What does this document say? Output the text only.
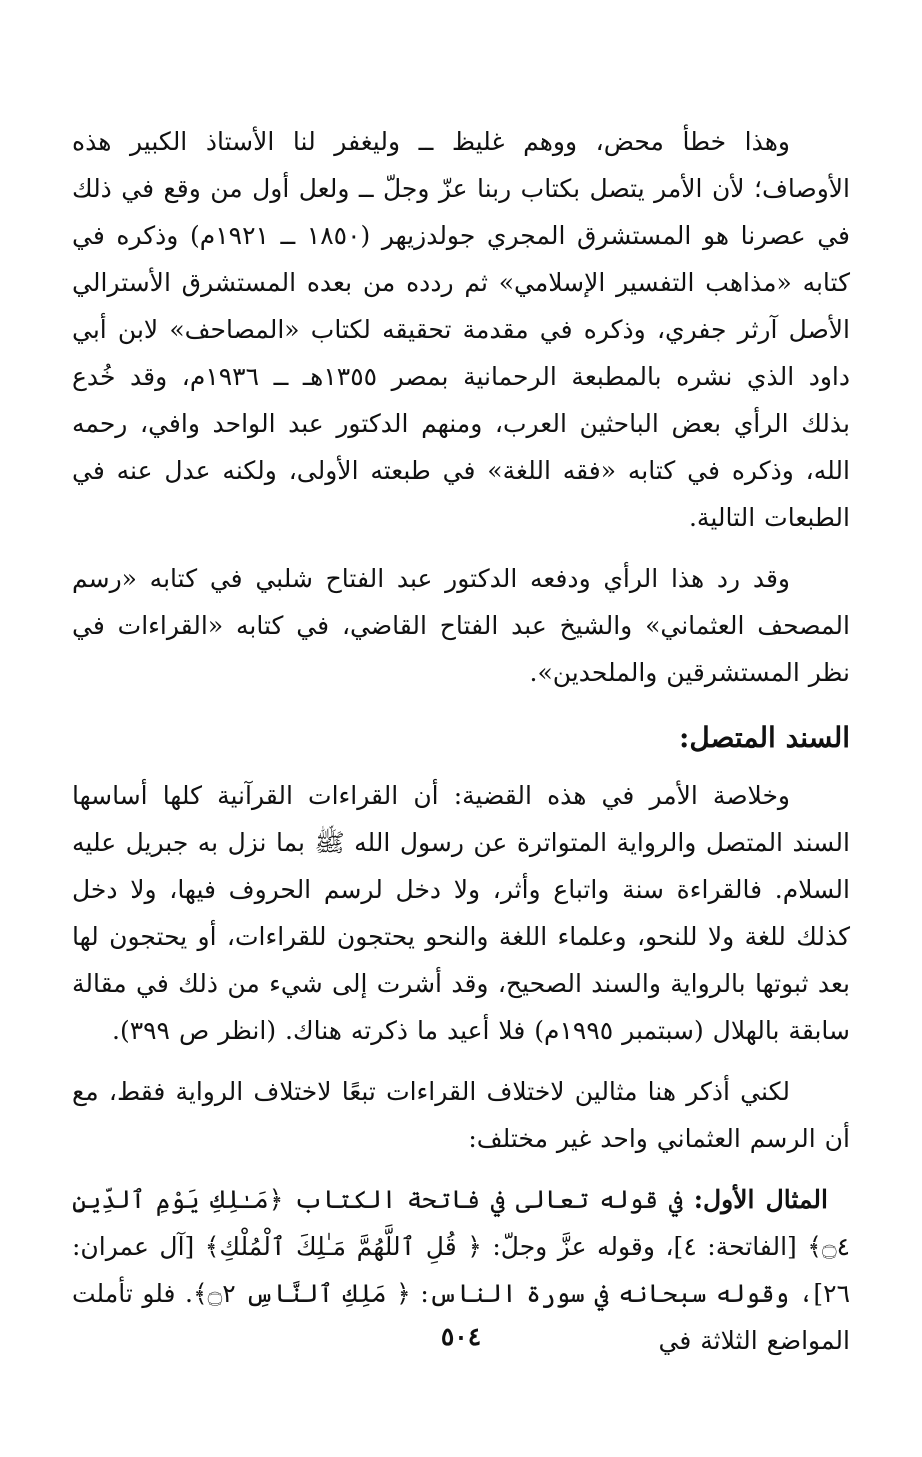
وهذا خطأ محض، ووهم غليظ ــ وليغفر لنا الأستاذ الكبير هذه الأوصاف؛ لأن الأمر يتصل بكتاب ربنا عزّ وجلّ ــ ولعل أول من وقع في ذلك في عصرنا هو المستشرق المجري جولدزيهر (١٨٥٠ ــ ١٩٢١م) وذكره في كتابه «مذاهب التفسير الإسلامي» ثم ردده من بعده المستشرق الأسترالي الأصل آرثر جفري، وذكره في مقدمة تحقيقه لكتاب «المصاحف» لابن أبي داود الذي نشره بالمطبعة الرحمانية بمصر ١٣٥٥هـ ــ ١٩٣٦م، وقد خُدع بذلك الرأي بعض الباحثين العرب، ومنهم الدكتور عبد الواحد وافي، رحمه الله، وذكره في كتابه «فقه اللغة» في طبعته الأولى، ولكنه عدل عنه في الطبعات التالية.

وقد رد هذا الرأي ودفعه الدكتور عبد الفتاح شلبي في كتابه «رسم المصحف العثماني» والشيخ عبد الفتاح القاضي، في كتابه «القراءات في نظر المستشرقين والملحدين».

السند المتصل:

وخلاصة الأمر في هذه القضية: أن القراءات القرآنية كلها أساسها السند المتصل والرواية المتواترة عن رسول الله ﷺ بما نزل به جبريل عليه السلام. فالقراءة سنة واتباع وأثر، ولا دخل لرسم الحروف فيها، ولا دخل كذلك للغة ولا للنحو، وعلماء اللغة والنحو يحتجون للقراءات، أو يحتجون لها بعد ثبوتها بالرواية والسند الصحيح، وقد أشرت إلى شيء من ذلك في مقالة سابقة بالهلال (سبتمبر ١٩٩٥م) فلا أعيد ما ذكرته هناك. (انظر ص ٣٩٩).

لكني أذكر هنا مثالين لاختلاف القراءات تبعًا لاختلاف الرواية فقط، مع أن الرسم العثماني واحد غير مختلف:

المثال الأول: في قوله تعالى في فاتحة الكتاب ﴿مَـٰلِكِ يَوْمِ ٱلدِّينِ ۝٤﴾ [الفاتحة: ٤]، وقوله عزَّ وجلّ: ﴿ قُلِ ٱللَّهُمَّ مَـٰلِكَ ٱلْمُلْكِ﴾ [آل عمران: ٢٦]، وقوله سبحانه في سورة الناس: ﴿ مَلِكِ ٱلنَّاسِ ۝٢﴾. فلو تأملت المواضع الثلاثة في

٥٠٤
